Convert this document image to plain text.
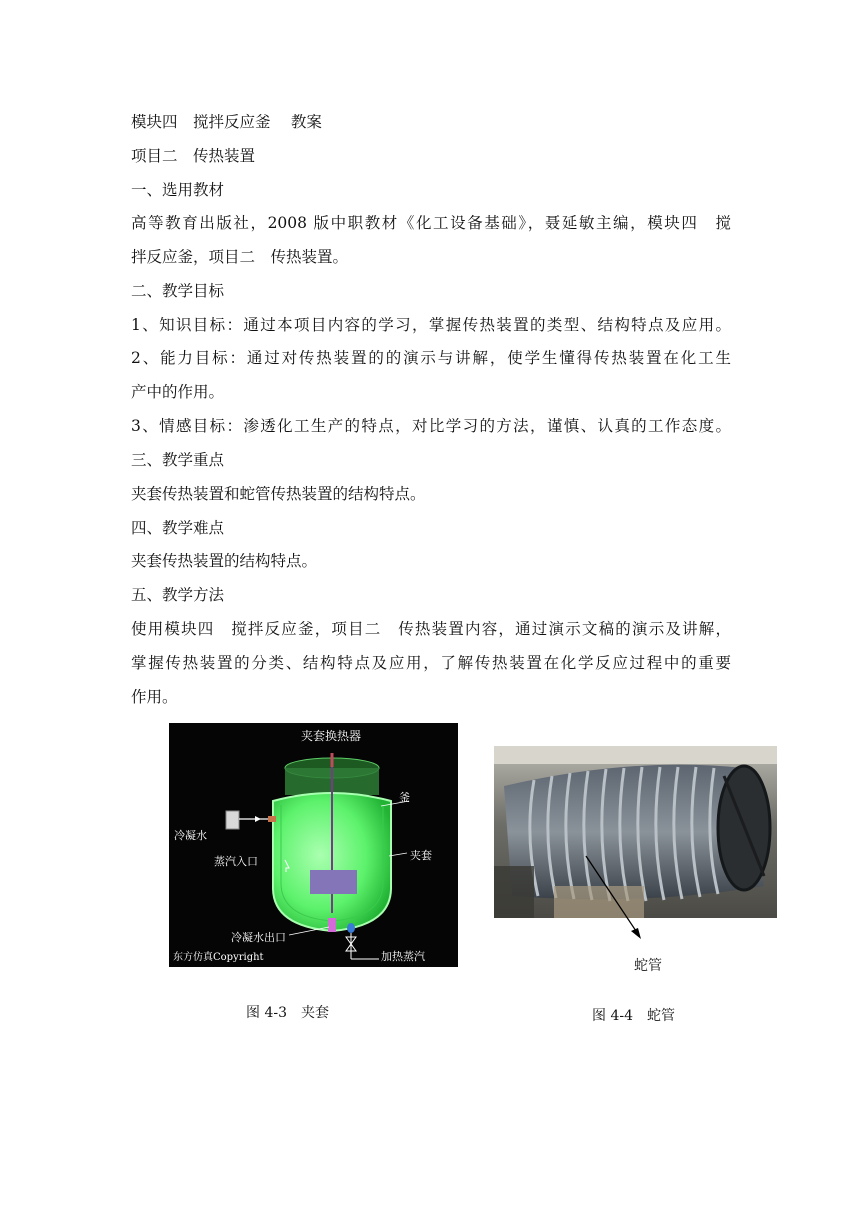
模块四　搅拌反应釜　 教案
项目二　传热装置
一、选用教材
高等教育出版社，2008 版中职教材《化工设备基础》，聂延敏主编，模块四　搅
拌反应釜，项目二　传热装置。
二、教学目标
1、知识目标：通过本项目内容的学习，掌握传热装置的类型、结构特点及应用。
2、能力目标：通过对传热装置的的演示与讲解，使学生懂得传热装置在化工生
产中的作用。
3、情感目标：渗透化工生产的特点，对比学习的方法，谨慎、认真的工作态度。
三、教学重点
夹套传热装置和蛇管传热装置的结构特点。
四、教学难点
夹套传热装置的结构特点。
五、教学方法
使用模块四　搅拌反应釜，项目二　传热装置内容，通过演示文稿的演示及讲解，
掌握传热装置的分类、结构特点及应用，了解传热装置在化学反应过程中的重要
作用。
夹套换热器
釜
冷凝水
蒸汽入口	夹套
冷凝水出口
东方仿真Copyright	加热蒸汽
蛇管
图 4-3　夹套	图 4-4　蛇管
